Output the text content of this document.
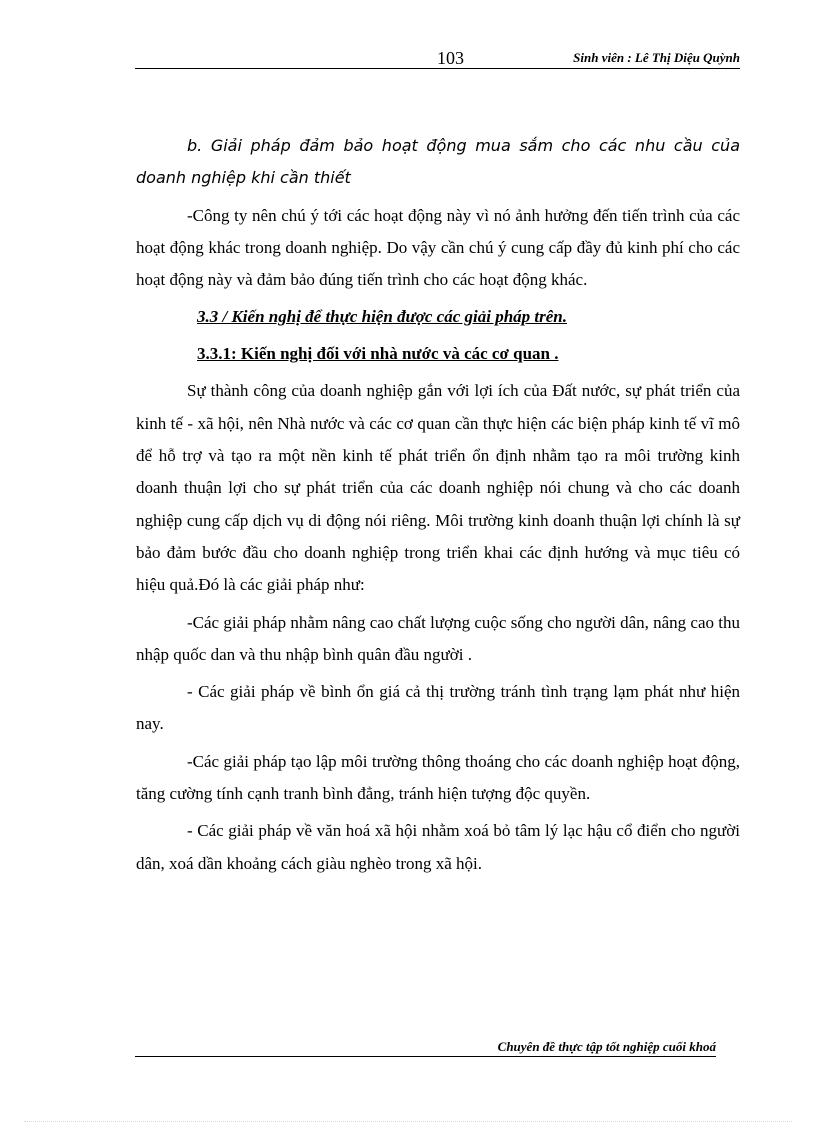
103	Sinh viên : Lê Thị Diệu Quỳnh

b. Giải pháp đảm bảo hoạt động mua sắm cho các nhu cầu của doanh nghiệp khi cần thiết

-Công ty nên chú ý tới các hoạt động này vì nó ảnh hưởng đến tiến trình của các hoạt động khác trong doanh nghiệp. Do vậy cần chú ý cung cấp đầy đủ kinh phí cho các hoạt động này và đảm bảo đúng tiến trình cho các hoạt động khác.

3.3 / Kiến nghị để thực hiện được các giải pháp trên.
3.3.1: Kiến nghị đối với nhà nước và các cơ quan .

Sự thành công của doanh nghiệp gắn với lợi ích của Đất nước, sự phát triển của kinh tế - xã hội, nên Nhà nước và các cơ quan cần thực hiện các biện pháp kinh tế vĩ mô để hỗ trợ và tạo ra một nền kinh tế phát triển ổn định nhằm tạo ra môi trường kinh doanh thuận lợi cho sự phát triển của các doanh nghiệp nói chung và cho các doanh nghiệp cung cấp dịch vụ di động nói riêng. Môi trường kinh doanh thuận lợi chính là sự bảo đảm bước đầu cho doanh nghiệp trong triển khai các định hướng và mục tiêu có hiệu quả.Đó là các giải pháp như:

-Các giải pháp nhằm nâng cao chất lượng cuộc sống cho người dân, nâng cao thu nhập quốc dan và thu nhập bình quân đầu người .

- Các giải pháp về bình ổn giá cả thị trường tránh tình trạng lạm phát như hiện nay.

-Các giải pháp tạo lập môi trường thông thoáng cho các doanh nghiệp hoạt động, tăng cường tính cạnh tranh bình đẳng, tránh hiện tượng độc quyền.

- Các giải pháp về văn hoá xã hội nhằm xoá bỏ tâm lý lạc hậu cổ điển cho người dân, xoá dần khoảng cách giàu nghèo trong xã hội.

Chuyên đề thực tập tốt nghiệp cuối khoá
